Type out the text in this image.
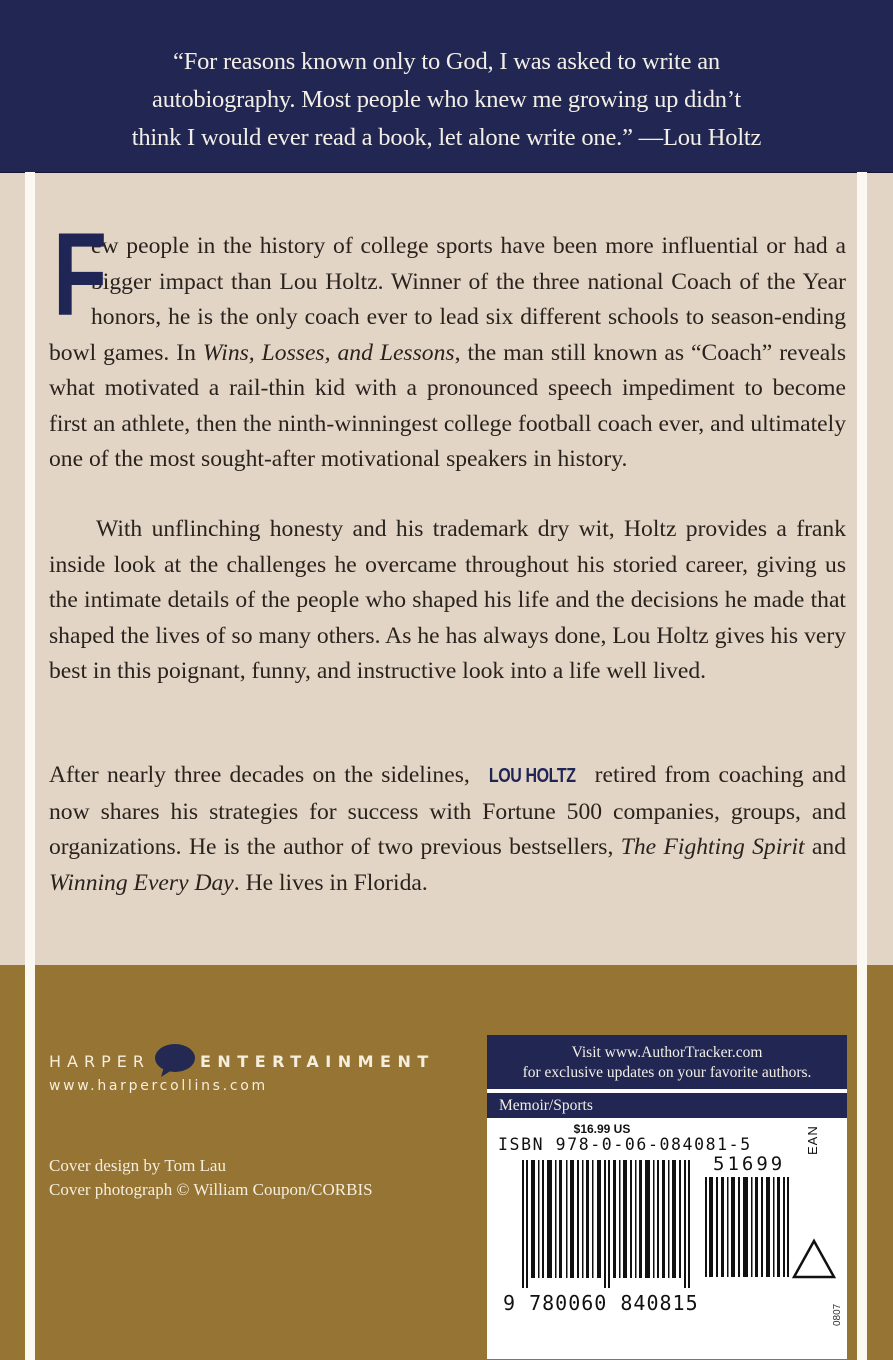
“For reasons known only to God, I was asked to write an
autobiography. Most people who knew me growing up didn’t
think I would ever read a book, let alone write one.” —Lou Holtz
F
ew people in the history of college sports have been more influential or had a bigger impact than Lou Holtz. Winner of the three national Coach of the Year honors, he is the only coach ever to lead six different schools to season-ending bowl games. In Wins, Losses, and Lessons, the man still known as “Coach” reveals what motivated a rail-thin kid with a pronounced speech impediment to become first an athlete, then the ninth-winningest college football coach ever, and ultimately one of the most sought-after motivational speakers in history.
With unflinching honesty and his trademark dry wit, Holtz provides a frank inside look at the challenges he overcame throughout his storied career, giving us the intimate details of the people who shaped his life and the decisions he made that shaped the lives of so many others. As he has always done, Lou Holtz gives his very best in this poignant, funny, and instructive look into a life well lived.
After nearly three decades on the sidelines, LOU HOLTZ retired from coaching and now shares his strategies for success with Fortune 500 companies, groups, and organizations. He is the author of two previous bestsellers, The Fighting Spirit and Winning Every Day. He lives in Florida.
HARPER	ENTERTAINMENT
www.harpercollins.com
Cover design by Tom Lau
Cover photograph © William Coupon/CORBIS
Visit www.AuthorTracker.com
for exclusive updates on your favorite authors.
Memoir/Sports
$16.99 US
ISBN 978-0-06-084081-5
51699
9 780060 840815
EAN
0807
